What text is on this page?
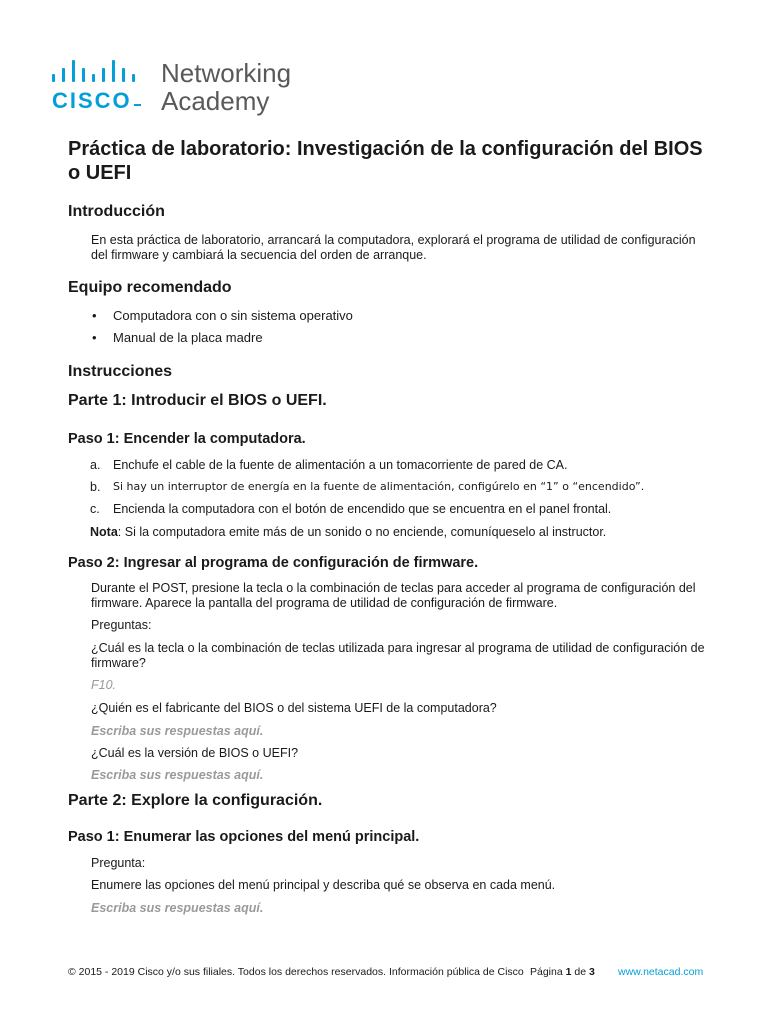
CISCO
Networking
Academy
Práctica de laboratorio: Investigación de la configuración del BIOS o UEFI
Introducción

En esta práctica de laboratorio, arrancará la computadora, explorará el programa de utilidad de configuración del firmware y cambiará la secuencia del orden de arranque.

Equipo recomendado
• Computadora con o sin sistema operativo
• Manual de la placa madre
Instrucciones
Parte 1: Introducir el BIOS o UEFI.
Paso 1: Encender la computadora.
a. Enchufe el cable de la fuente de alimentación a un tomacorriente de pared de CA.
b. Si hay un interruptor de energía en la fuente de alimentación, configúrelo en “1” o “encendido”.
c. Encienda la computadora con el botón de encendido que se encuentra en el panel frontal.
Nota: Si la computadora emite más de un sonido o no enciende, comuníqueselo al instructor.
Paso 2: Ingresar al programa de configuración de firmware.

Durante el POST, presione la tecla o la combinación de teclas para acceder al programa de configuración del firmware. Aparece la pantalla del programa de utilidad de configuración de firmware.

Preguntas:

¿Cuál es la tecla o la combinación de teclas utilizada para ingresar al programa de utilidad de configuración de firmware?

F10.
¿Quién es el fabricante del BIOS o del sistema UEFI de la computadora?
Escriba sus respuestas aquí.
¿Cuál es la versión de BIOS o UEFI?
Escriba sus respuestas aquí.
Parte 2: Explore la configuración.
Paso 1: Enumerar las opciones del menú principal.
Pregunta:
Enumere las opciones del menú principal y describa qué se observa en cada menú.
Escriba sus respuestas aquí.
© 2015 - 2019 Cisco y/o sus filiales. Todos los derechos reservados. Información pública de Cisco Página 1 de 3 www.netacad.com
